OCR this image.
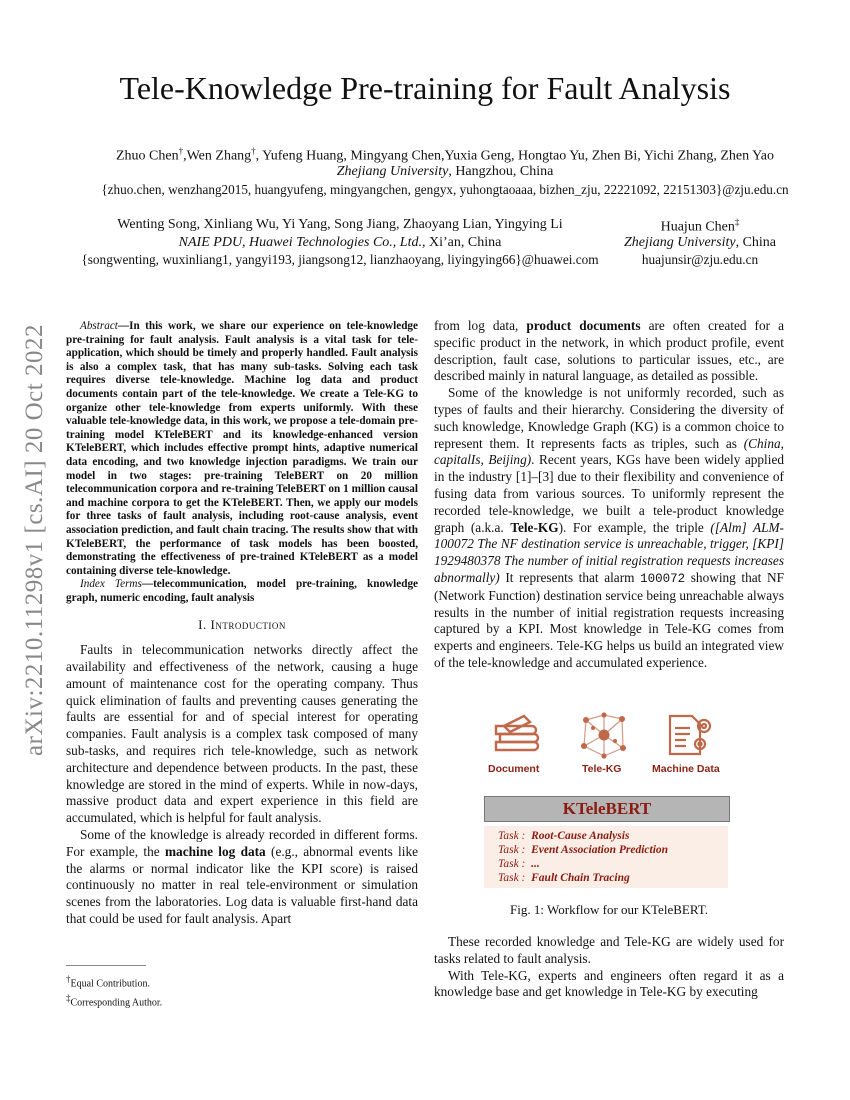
arXiv:2210.11298v1 [cs.AI] 20 Oct 2022
Tele-Knowledge Pre-training for Fault Analysis
Zhuo Chen†,Wen Zhang†, Yufeng Huang, Mingyang Chen,Yuxia Geng, Hongtao Yu, Zhen Bi, Yichi Zhang, Zhen Yao
Zhejiang University, Hangzhou, China
{zhuo.chen, wenzhang2015, huangyufeng, mingyangchen, gengyx, yuhongtaoaaa, bizhen_zju, 22221092, 22151303}@zju.edu.cn
Wenting Song, Xinliang Wu, Yi Yang, Song Jiang, Zhaoyang Lian, Yingying Li
NAIE PDU, Huawei Technologies Co., Ltd., Xi’an, China
{songwenting, wuxinliang1, yangyi193, jiangsong12, lianzhaoyang, liyingying66}@huawei.com
Huajun Chen‡
Zhejiang University, China
huajunsir@zju.edu.cn

Abstract—In this work, we share our experience on tele-knowledge pre-training for fault analysis. Fault analysis is a vital task for tele-application, which should be timely and properly handled. Fault analysis is also a complex task, that has many sub-tasks. Solving each task requires diverse tele-knowledge. Machine log data and product documents contain part of the tele-knowledge. We create a Tele-KG to organize other tele-knowledge from experts uniformly. With these valuable tele-knowledge data, in this work, we propose a tele-domain pre-training model KTeleBERT and its knowledge-enhanced version KTeleBERT, which includes effective prompt hints, adaptive numerical data encoding, and two knowledge injection paradigms. We train our model in two stages: pre-training TeleBERT on 20 million telecommunication corpora and re-training TeleBERT on 1 million causal and machine corpora to get the KTeleBERT. Then, we apply our models for three tasks of fault analysis, including root-cause analysis, event association prediction, and fault chain tracing. The results show that with KTeleBERT, the performance of task models has been boosted, demonstrating the effectiveness of pre-trained KTeleBERT as a model containing diverse tele-knowledge.

Index Terms—telecommunication, model pre-training, knowledge graph, numeric encoding, fault analysis

I. Introduction

Faults in telecommunication networks directly affect the availability and effectiveness of the network, causing a huge amount of maintenance cost for the operating company. Thus quick elimination of faults and preventing causes generating the faults are essential for and of special interest for operating companies. Fault analysis is a complex task composed of many sub-tasks, and requires rich tele-knowledge, such as network architecture and dependence between products. In the past, these knowledge are stored in the mind of experts. While in now-days, massive product data and expert experience in this field are accumulated, which is helpful for fault analysis.

Some of the knowledge is already recorded in different forms. For example, the machine log data (e.g., abnormal events like the alarms or normal indicator like the KPI score) is raised continuously no matter in real tele-environment or simulation scenes from the laboratories. Log data is valuable first-hand data that could be used for fault analysis. Apart

†Equal Contribution.
‡Corresponding Author.

from log data, product documents are often created for a specific product in the network, in which product profile, event description, fault case, solutions to particular issues, etc., are described mainly in natural language, as detailed as possible.

Some of the knowledge is not uniformly recorded, such as types of faults and their hierarchy. Considering the diversity of such knowledge, Knowledge Graph (KG) is a common choice to represent them. It represents facts as triples, such as (China, capitalIs, Beijing). Recent years, KGs have been widely applied in the industry [1]–[3] due to their flexibility and convenience of fusing data from various sources. To uniformly represent the recorded tele-knowledge, we built a tele-product knowledge graph (a.k.a. Tele-KG). For example, the triple ([Alm] ALM-100072 The NF destination service is unreachable, trigger, [KPI] 1929480378 The number of initial registration requests increases abnormally) It represents that alarm 100072 showing that NF (Network Function) destination service being unreachable always results in the number of initial registration requests increasing captured by a KPI. Most knowledge in Tele-KG comes from experts and engineers. Tele-KG helps us build an integrated view of the tele-knowledge and accumulated experience.

Document	Tele-KG	Machine Data
KTeleBERT
Task : Root-Cause Analysis
Task : Event Association Prediction
Task : ...
Task : Fault Chain Tracing
Fig. 1: Workflow for our KTeleBERT.

These recorded knowledge and Tele-KG are widely used for tasks related to fault analysis.

With Tele-KG, experts and engineers often regard it as a knowledge base and get knowledge in Tele-KG by executing
